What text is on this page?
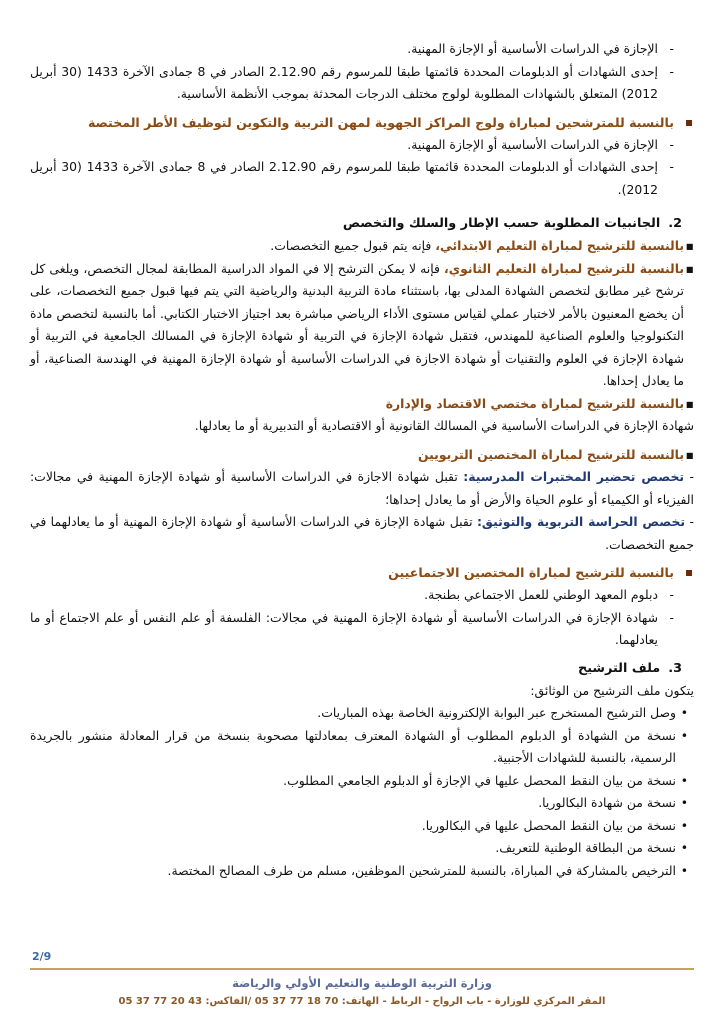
- الإجازة في الدراسات الأساسية أو الإجازة المهنية.
- إحدى الشهادات أو الدبلومات المحددة قائمتها طبقا للمرسوم رقم 2.12.90 الصادر في 8 جمادى الآخرة 1433 (30 أبريل 2012) المتعلق بالشهادات المطلوبة لولوج مختلف الدرجات المحدثة بموجب الأنظمة الأساسية.
بالنسبة للمترشحين لمباراة ولوج المراكز الجهوية لمهن التربية والتكوين لتوظيف الأطر المختصة
- الإجازة في الدراسات الأساسية أو الإجازة المهنية.
- إحدى الشهادات أو الدبلومات المحددة قائمتها طبقا للمرسوم رقم 2.12.90 الصادر في 8 جمادى الآخرة 1433 (30 أبريل 2012).
2.الجانبيات المطلوبة حسب الإطار والسلك والتخصص
▪
بالنسبة للترشيح لمباراة التعليم الابتدائي، فإنه يتم قبول جميع التخصصات.
▪
بالنسبة للترشيح لمباراة التعليم الثانوي، فإنه لا يمكن الترشح إلا في المواد الدراسية المطابقة لمجال التخصص، ويلغى كل ترشح غير مطابق لتخصص الشهادة المدلى بها، باستثناء مادة التربية البدنية والرياضية التي يتم فيها قبول جميع التخصصات، على أن يخضع المعنيون بالأمر لاختبار عملي لقياس مستوى الأداء الرياضي مباشرة بعد اجتياز الاختبار الكتابي. أما بالنسبة لتخصص مادة التكنولوجيا والعلوم الصناعية للمهندس، فتقبل شهادة الإجازة في التربية أو شهادة الإجازة في المسالك الجامعية في التربية أو شهادة الإجازة في العلوم والتقنيات أو شهادة الاجازة في الدراسات الأساسية أو شهادة الإجازة المهنية في الهندسة الصناعية، أو ما يعادل إحداها.
▪
بالنسبة للترشيح لمباراة مختصي الاقتصاد والإدارة
شهادة الإجازة في الدراسات الأساسية في المسالك القانونية أو الاقتصادية أو التدبيرية أو ما يعادلها.
▪
بالنسبة للترشيح لمباراة المختصين التربويين
- تخصص تحضير المختبرات المدرسية: تقبل شهادة الاجازة في الدراسات الأساسية أو شهادة الإجازة المهنية في مجالات: الفيزياء أو الكيمياء أو علوم الحياة والأرض أو ما يعادل إحداها؛
- تخصص الحراسة التربوية والتوثيق: تقبل شهادة الإجازة في الدراسات الأساسية أو شهادة الإجازة المهنية أو ما يعادلهما في جميع التخصصات.
بالنسبة للترشيح لمباراة المختصين الاجتماعيين
- دبلوم المعهد الوطني للعمل الاجتماعي بطنجة.
- شهادة الإجازة في الدراسات الأساسية أو شهادة الإجازة المهنية في مجالات: الفلسفة أو علم النفس أو علم الاجتماع أو ما يعادلهما.
3.ملف الترشيح
يتكون ملف الترشيح من الوثائق:
• وصل الترشيح المستخرج عبر البوابة الإلكترونية الخاصة بهذه المباريات.
• نسخة من الشهادة أو الدبلوم المطلوب أو الشهادة المعترف بمعادلتها مصحوبة بنسخة من قرار المعادلة منشور بالجريدة الرسمية، بالنسبة للشهادات الأجنبية.
• نسخة من بيان النقط المحصل عليها في الإجازة أو الدبلوم الجامعي المطلوب.
• نسخة من شهادة البكالوريا.
• نسخة من بيان النقط المحصل عليها في البكالوريا.
• نسخة من البطاقة الوطنية للتعريف.
• الترخيص بالمشاركة في المباراة، بالنسبة للمترشحين الموظفين، مسلم من طرف المصالح المختصة.
2/9
وزارة التربية الوطنية والتعليم الأولي والرياضة
المقر المركزي للوزارة - باب الرواح - الرباط - الهاتف: 70 18 77 37 05 /الفاكس: 43 20 77 37 05
